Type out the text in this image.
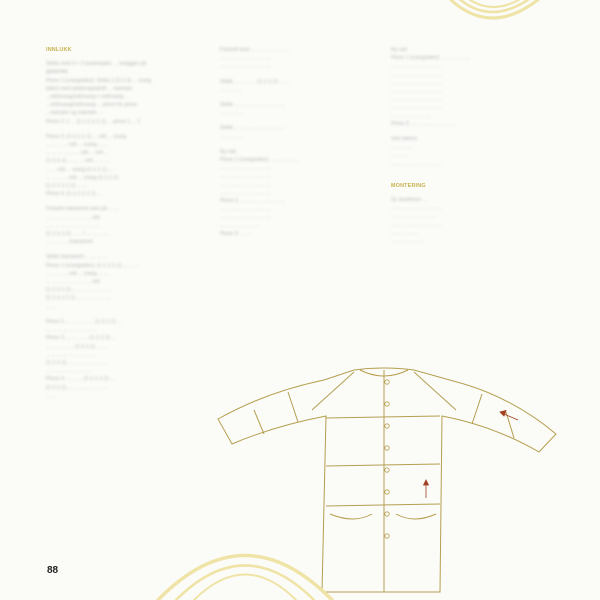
INNLUKK
Strikk med 4 + 2 kantmasker ... Innjigger på
glattstrikk
Pinne 1 (vrangsiden): Strikk 1 (2-2-3) ... vrang
(ikke) med strikkeoppskrift ... mønster
...rett/vrang/rett/vrang + rett/vrang ...
...rett/vrang/rett/vrang ... pinne for pinne
...mønster og mønster ...
Pinne 2: 1 ... (1-1-1-1-1-1) ... pinne 1 ... 1
Pinne 3: (1-1-1-1-1) ... rett ... vrang
... ... ... ... rett ... vrang ... ...
... ... ... ... ... ... rett ... rett ...
(1-1-1-1) ... ... ... rett ... ... ...
... ... rett ... vrang (1-1-1-1) ...
... ... ... ... rett ... vrang (1-1-1-1)
(1-1-1-1-1-1) ... ...
Pinne 4: (1-1-1-1-1-1) ...
Fortsett mønsteret som på ... ...
... ... ... ... ... ... ... ... rett
, ... ... ... ... ... ... ... ... ...
(1-1-1-1-1) ... ... / ... ... ... ...
... ... ... ... mønsteret.
Strikk mønsteret ... ... ... ...
Pinne 1 (vrangsiden): (1-1-1-1-1) ... ... ...
... ... ... ... rett ... vrang ... ...
... ... ... ... ... ... ... ... rett
(1-1-1-1-1) ... ... ... ... ... ... ...
(1-1-1-1-1-1) ... ... ... ... ... ...
... ...
Pinne 2: ... ... ... ... ... (1-1-1-1) ...
... ... ... ... ... ... ... ... ...
Pinne 3: ... ... ... ... (1-1-1-1) ...
... ... ... ... ... (1-1-1-1) ... ...
... ... ... ... ... ... ... ... ...
(1-1-1-1) ... ... ... ... ... ... ...
... ... ... ... ... ... ... ...
Pinne 4: ... ... ... (1-1-1-1-1) ...
(1-1-1-1) ... ... ... ... ... ... ...
... ...
Fortsett med ... ... ... ... ... ... ...
... ... ... ... ... ... ... ... ...
... ... ... ... ... ... ... ... ...
Strikk ... ... ... ... (1-1-1-1) ... ...
... ... ... ...
Strikk ... ... ... ... ... ... ... ... ...
... ... ... ...
Strikk ... ... ... ... ... ... ... ... ...
... ... ... ...
Ny rad:
Pinne 1 (vrangsiden): ... ... ... ... ...
... ... ... ... ... ... ... ... ...
... ... ... ... ... ... ... ... ...
... ... ... ... ... ... ... ... ...
... ... ... ... ... ... ... ... ...
Pinne 2: ... ... ... ... ... ... ... ...
... ... ... ... ... ... ... ... ...
... ... ... ... ... ... ... ... ...
... ... ... ... ... ... ...
Pinne 3: ... ...
Ny rad:
Pinne 1 (vrangsiden): ... ... ... ... ...
... ... ... ... ... ... ... ... ...
... ... ... ... ... ... ... ... ...
... ... ... ... ... ... ... ... ...
... ... ... ... ... ... ... ... ...
... ... ... ... ... ... ... ... ...
... ... ... ... ... ... ... ... ...
... ... ... ... ... ... ...
Pinne 2: ... ... ... ... ... ... ... ...
Ved sidene:
... ... ... ...
... ... ...
... ... ... ... ... ... ... ... ...
MONTERING
Sy skuldrene ...
... ... ... ... ... ... ... ... ...
... ... ... ... ... ... ... ...
... ... ... ... ... ... ... ... ...
... ... ... ... ...
... ... ... ... ... ...
88
